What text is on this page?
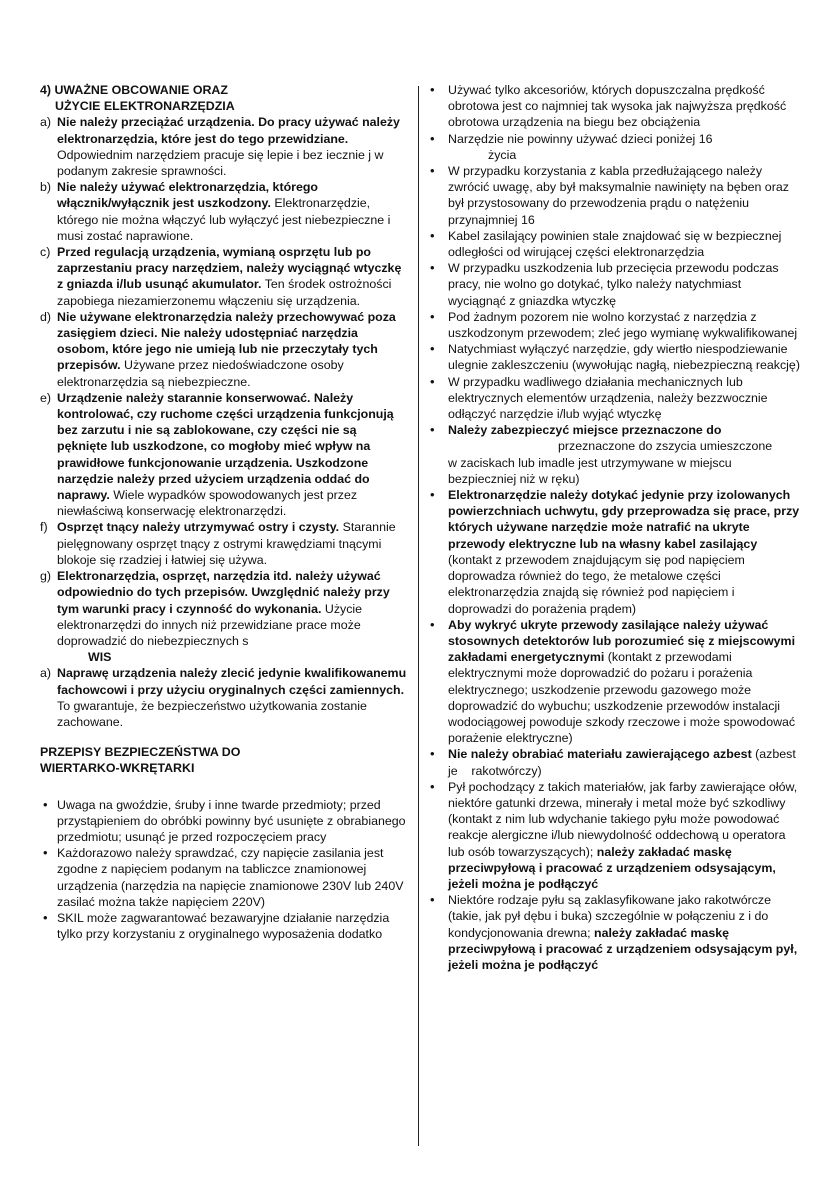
4) UWAŻNE OBCOWANIE ORAZ
UŻYCIE ELEKTRONARZĘDZIA

a) Nie należy przeciążać urządzenia. Do pracy używać należy elektronarzędzia, które jest do tego przewidziane. Odpowiednim narzędziem pracuje się lepie i bez iecznie j w podanym zakresie sprawności.
b) Nie należy używać elektronarzędzia, którego włącznik/wyłącznik jest uszkodzony. Elektronarzędzie, którego nie można włączyć lub wyłączyć jest niebezpieczne i musi zostać naprawione.
c) Przed regulacją urządzenia, wymianą osprzętu lub po zaprzestaniu pracy narzędziem, należy wyciągnąć wtyczkę z gniazda i/lub usunąć akumulator. Ten środek ostrożności zapobiega niezamierzonemu włączeniu się urządzenia.
d) Nie używane elektronarzędzia należy przechowywać poza zasięgiem dzieci. Nie należy udostępniać narzędzia osobom, które jego nie umieją lub nie przeczytały tych przepisów. Używane przez niedoświadczone osoby elektronarzędzia są niebezpieczne.
e) Urządzenie należy starannie konserwować. Należy kontrolować, czy ruchome części urządzenia funkcjonują bez zarzutu i nie są zablokowane, czy części nie są pęknięte lub uszkodzone, co mogłoby mieć wpływ na prawidłowe funkcjonowanie urządzenia. Uszkodzone narzędzie należy przed użyciem urządzenia oddać do naprawy. Wiele wypadków spowodowanych jest przez niewłaściwą konserwację elektronarzędzi.
f) Osprzęt tnący należy utrzymywać ostry i czysty. Starannie pielęgnowany osprzęt tnący z ostrymi krawędziami tnącymi blokoje się rzadziej i łatwiej się używa.
g) Elektronarzędzia, osprzęt, narzędzia itd. należy używać odpowiednio do tych przepisów. Uwzględnić należy przy tym warunki pracy i czynność do wykonania. Użycie elektronarzędzi do innych niż przewidziane prace może doprowadzić do niebezpiecznych s

WIS

a) Naprawę urządzenia należy zlecić jedynie kwalifikowanemu fachowcowi i przy użyciu oryginalnych części zamiennych. To gwarantuje, że bezpieczeństwo użytkowania zostanie zachowane.

PRZEPISY BEZPIECZEŃSTWA DO
WIERTARKO-WKRĘTARKI

• Uwaga na gwoździe, śruby i inne twarde przedmioty; przed przystąpieniem do obróbki powinny być usunięte z obrabianego przedmiotu; usunąć je przed rozpoczęciem pracy
• Każdorazowo należy sprawdzać, czy napięcie zasilania jest zgodne z napięciem podanym na tabliczce znamionowej urządzenia (narzędzia na napięcie znamionowe 230V lub 240V zasilać można także napięciem 220V)
• SKIL może zagwarantować bezawaryjne działanie narzędzia tylko przy korzystaniu z oryginalnego wyposażenia dodatko
• Używać tylko akcesoriów, których dopuszczalna prędkość obrotowa jest co najmniej tak wysoka jak najwyższa prędkość obrotowa urządzenia na biegu bez obciążenia
• Narzędzie nie powinny używać dzieci poniżej 16
życia
• W przypadku korzystania z kabla przedłużającego należy zwrócić uwagę, aby był maksymalnie nawinięty na bęben oraz był przystosowany do przewodzenia prądu o natężeniu przynajmniej 16
• Kabel zasilający powinien stale znajdować się w bezpiecznej odległości od wirującej części elektronarzędzia
• W przypadku uszkodzenia lub przecięcia przewodu podczas pracy, nie wolno go dotykać, tylko należy natychmiast wyciągnąć z gniazdka wtyczkę
• Pod żadnym pozorem nie wolno korzystać z narzędzia z uszkodzonym przewodem; zleć jego wymianę wykwalifikowanej
• Natychmiast wyłączyć narzędzie, gdy wiertło niespodziewanie ulegnie zakleszczeniu (wywołując nagłą, niebezpieczną reakcję)
• W przypadku wadliwego działania mechanicznych lub elektrycznych elementów urządzenia, należy bezzwocznie odłączyć narzędzie i/lub wyjąć wtyczkę
• Należy zabezpieczyć miejsce przeznaczone do
przeznaczone do zszycia umieszczone
w zaciskach lub imadle jest utrzymywane w miejscu bezpieczniej niż w ręku)
• Elektronarzędzie należy dotykać jedynie przy izolowanych powierzchniach uchwytu, gdy przeprowadza się prace, przy których używane narzędzie może natrafić na ukryte przewody elektryczne lub na własny kabel zasilający (kontakt z przewodem znajdującym się pod napięciem doprowadza również do tego, że metalowe części elektronarzędzia znajdą się również pod napięciem i doprowadzi do porażenia prądem)
• Aby wykryć ukryte przewody zasilające należy używać stosownych detektorów lub porozumieć się z miejscowymi zakładami energetycznymi (kontakt z przewodami elektrycznymi może doprowadzić do pożaru i porażenia elektrycznego; uszkodzenie przewodu gazowego może doprowadzić do wybuchu; uszkodzenie przewodów instalacji wodociągowej powoduje szkody rzeczowe i może spowodować porażenie elektryczne)
• Nie należy obrabiać materiału zawierającego azbest (azbest je    rakotwórczy)
• Pył pochodzący z takich materiałów, jak farby zawierające ołów, niektóre gatunki drzewa, minerały i metal może być szkodliwy (kontakt z nim lub wdychanie takiego pyłu może powodować reakcje alergiczne i/lub niewydolność oddechową u operatora lub osób towarzyszących); należy zakładać maskę przeciwpyłową i pracować z urządzeniem odsysającym, jeżeli można je podłączyć
• Niektóre rodzaje pyłu są zaklasyfikowane jako rakotwórcze (takie, jak pył dębu i buka) szczególnie w połączeniu z i do kondycjonowania drewna; należy zakładać maskę przeciwpyłową i pracować z urządzeniem odsysającym pył, jeżeli można je podłączyć
